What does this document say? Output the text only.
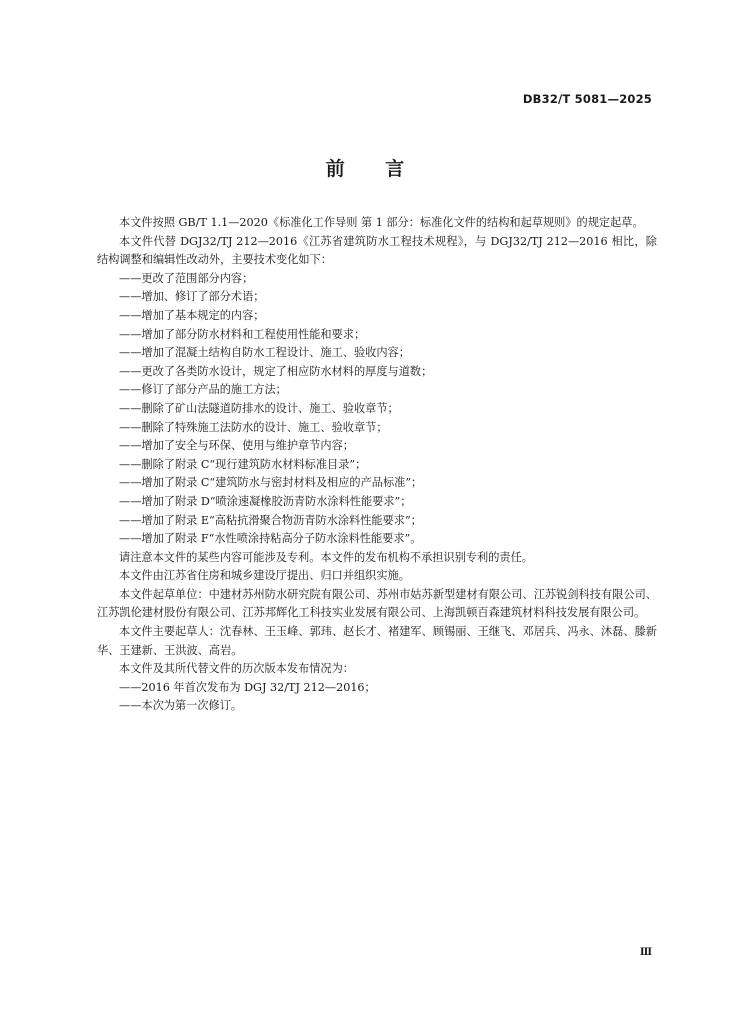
DB32/T 5081—2025
前 言

本文件按照 GB/T 1.1—2020《标准化工作导则 第 1 部分：标准化文件的结构和起草规则》的规定起草。

本文件代替 DGJ32/TJ 212—2016《江苏省建筑防水工程技术规程》，与 DGJ32/TJ 212—2016 相比，除结构调整和编辑性改动外，主要技术变化如下：

——更改了范围部分内容；

——增加、修订了部分术语；

——增加了基本规定的内容；

——增加了部分防水材料和工程使用性能和要求；

——增加了混凝土结构自防水工程设计、施工、验收内容；

——更改了各类防水设计，规定了相应防水材料的厚度与道数；

——修订了部分产品的施工方法；

——删除了矿山法隧道防排水的设计、施工、验收章节；

——删除了特殊施工法防水的设计、施工、验收章节；

——增加了安全与环保、使用与维护章节内容；

——删除了附录 C“现行建筑防水材料标准目录”；

——增加了附录 C“建筑防水与密封材料及相应的产品标准”；

——增加了附录 D“喷涂速凝橡胶沥青防水涂料性能要求”；

——增加了附录 E“高粘抗滑聚合物沥青防水涂料性能要求”；

——增加了附录 F“水性喷涂持粘高分子防水涂料性能要求”。

请注意本文件的某些内容可能涉及专利。本文件的发布机构不承担识别专利的责任。

本文件由江苏省住房和城乡建设厅提出、归口并组织实施。

本文件起草单位：中建材苏州防水研究院有限公司、苏州市姑苏新型建材有限公司、江苏锐剑科技有限公司、江苏凯伦建材股份有限公司、江苏邦辉化工科技实业发展有限公司、上海凯顿百森建筑材料科技发展有限公司。

本文件主要起草人：沈春林、王玉峰、郭玮、赵长才、褚建军、顾锡丽、王继飞、邓居兵、冯永、沐磊、滕新华、王建新、王洪波、高岩。

本文件及其所代替文件的历次版本发布情况为：

——2016 年首次发布为 DGJ 32/TJ 212—2016；

——本次为第一次修订。

Ⅲ
